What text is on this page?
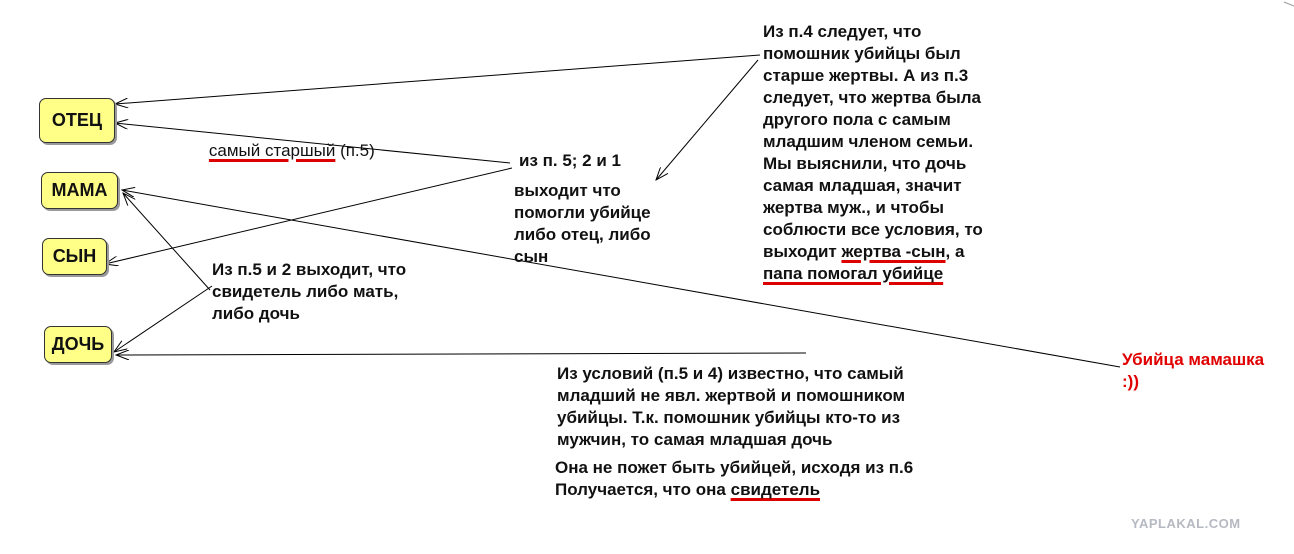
ОТЕЦ
МАМА
СЫН
ДОЧЬ

самый старшый (п.5)

из п. 5; 2 и 1
выходит что
помогли убийце
либо отец, либо
сын
Из п.4 следует, что
помошник убийцы был
старше жертвы. А из п.3
следует, что жертва была
другого пола с самым
младшим членом семьи.
Мы выяснили, что дочь
самая младшая, значит
жертва муж., и чтобы
соблюсти все условия, то
выходит жертва -сын, а
папа помогал убийце
Из п.5 и 2 выходит, что
свидетель либо мать,
либо дочь
Из условий (п.5 и 4) известно, что самый
младший не явл. жертвой и помошником
убийцы. Т.к. помошник убийцы кто-то из
мужчин, то самая младшая дочь
Она не пожет быть убийцей, исходя из п.6
Получается, что она свидетель
Убийца мамашка
:))
YAPLAKAL.COM
